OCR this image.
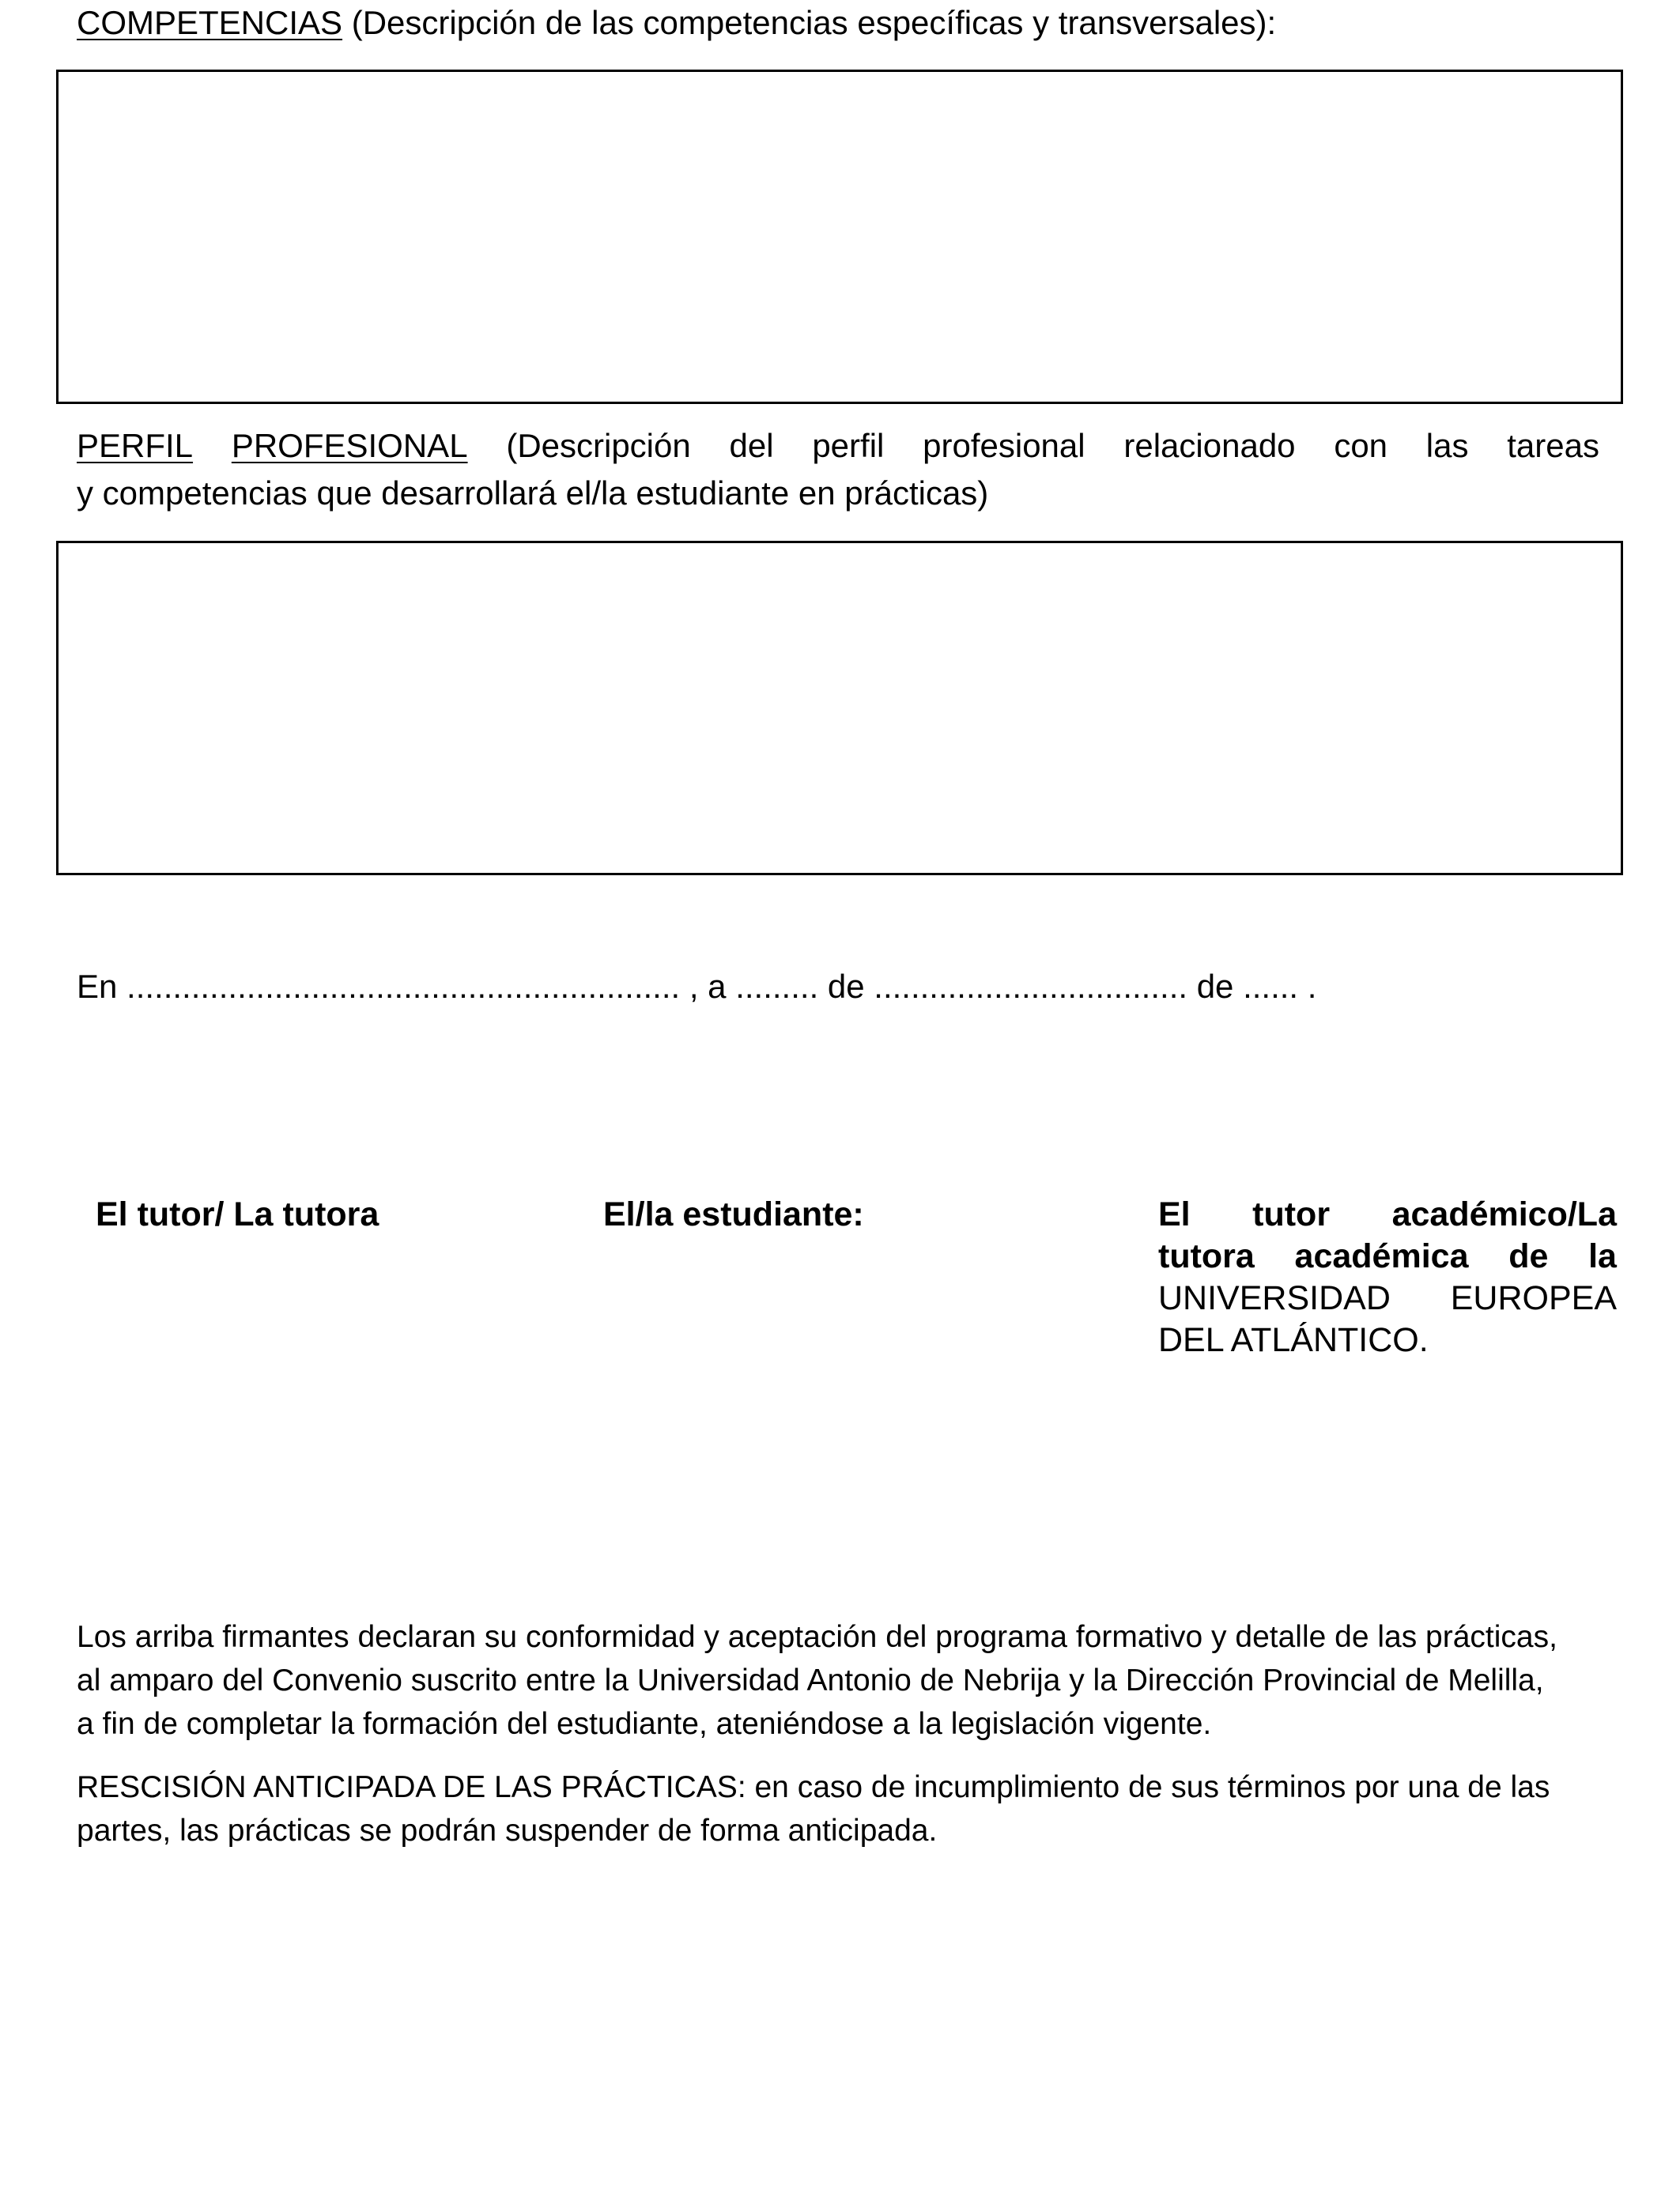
COMPETENCIAS (Descripción de las competencias específicas y transversales):
PERFIL PROFESIONAL (Descripción del perfil profesional relacionado con las tareas
y competencias que desarrollará el/la estudiante en prácticas)
En ............................................................ , a ......... de .................................. de ...... .
El tutor/ La tutora	El/la estudiante:	El tutor académico/La
tutora académica de la
UNIVERSIDAD EUROPEA
DEL ATLÁNTICO.
Los arriba firmantes declaran su conformidad y aceptación del programa formativo y detalle de las prácticas,
al amparo del Convenio suscrito entre la Universidad Antonio de Nebrija y la Dirección Provincial de Melilla,
a fin de completar la formación del estudiante, ateniéndose a la legislación vigente.
RESCISIÓN ANTICIPADA DE LAS PRÁCTICAS: en caso de incumplimiento de sus términos por una de las
partes, las prácticas se podrán suspender de forma anticipada.
